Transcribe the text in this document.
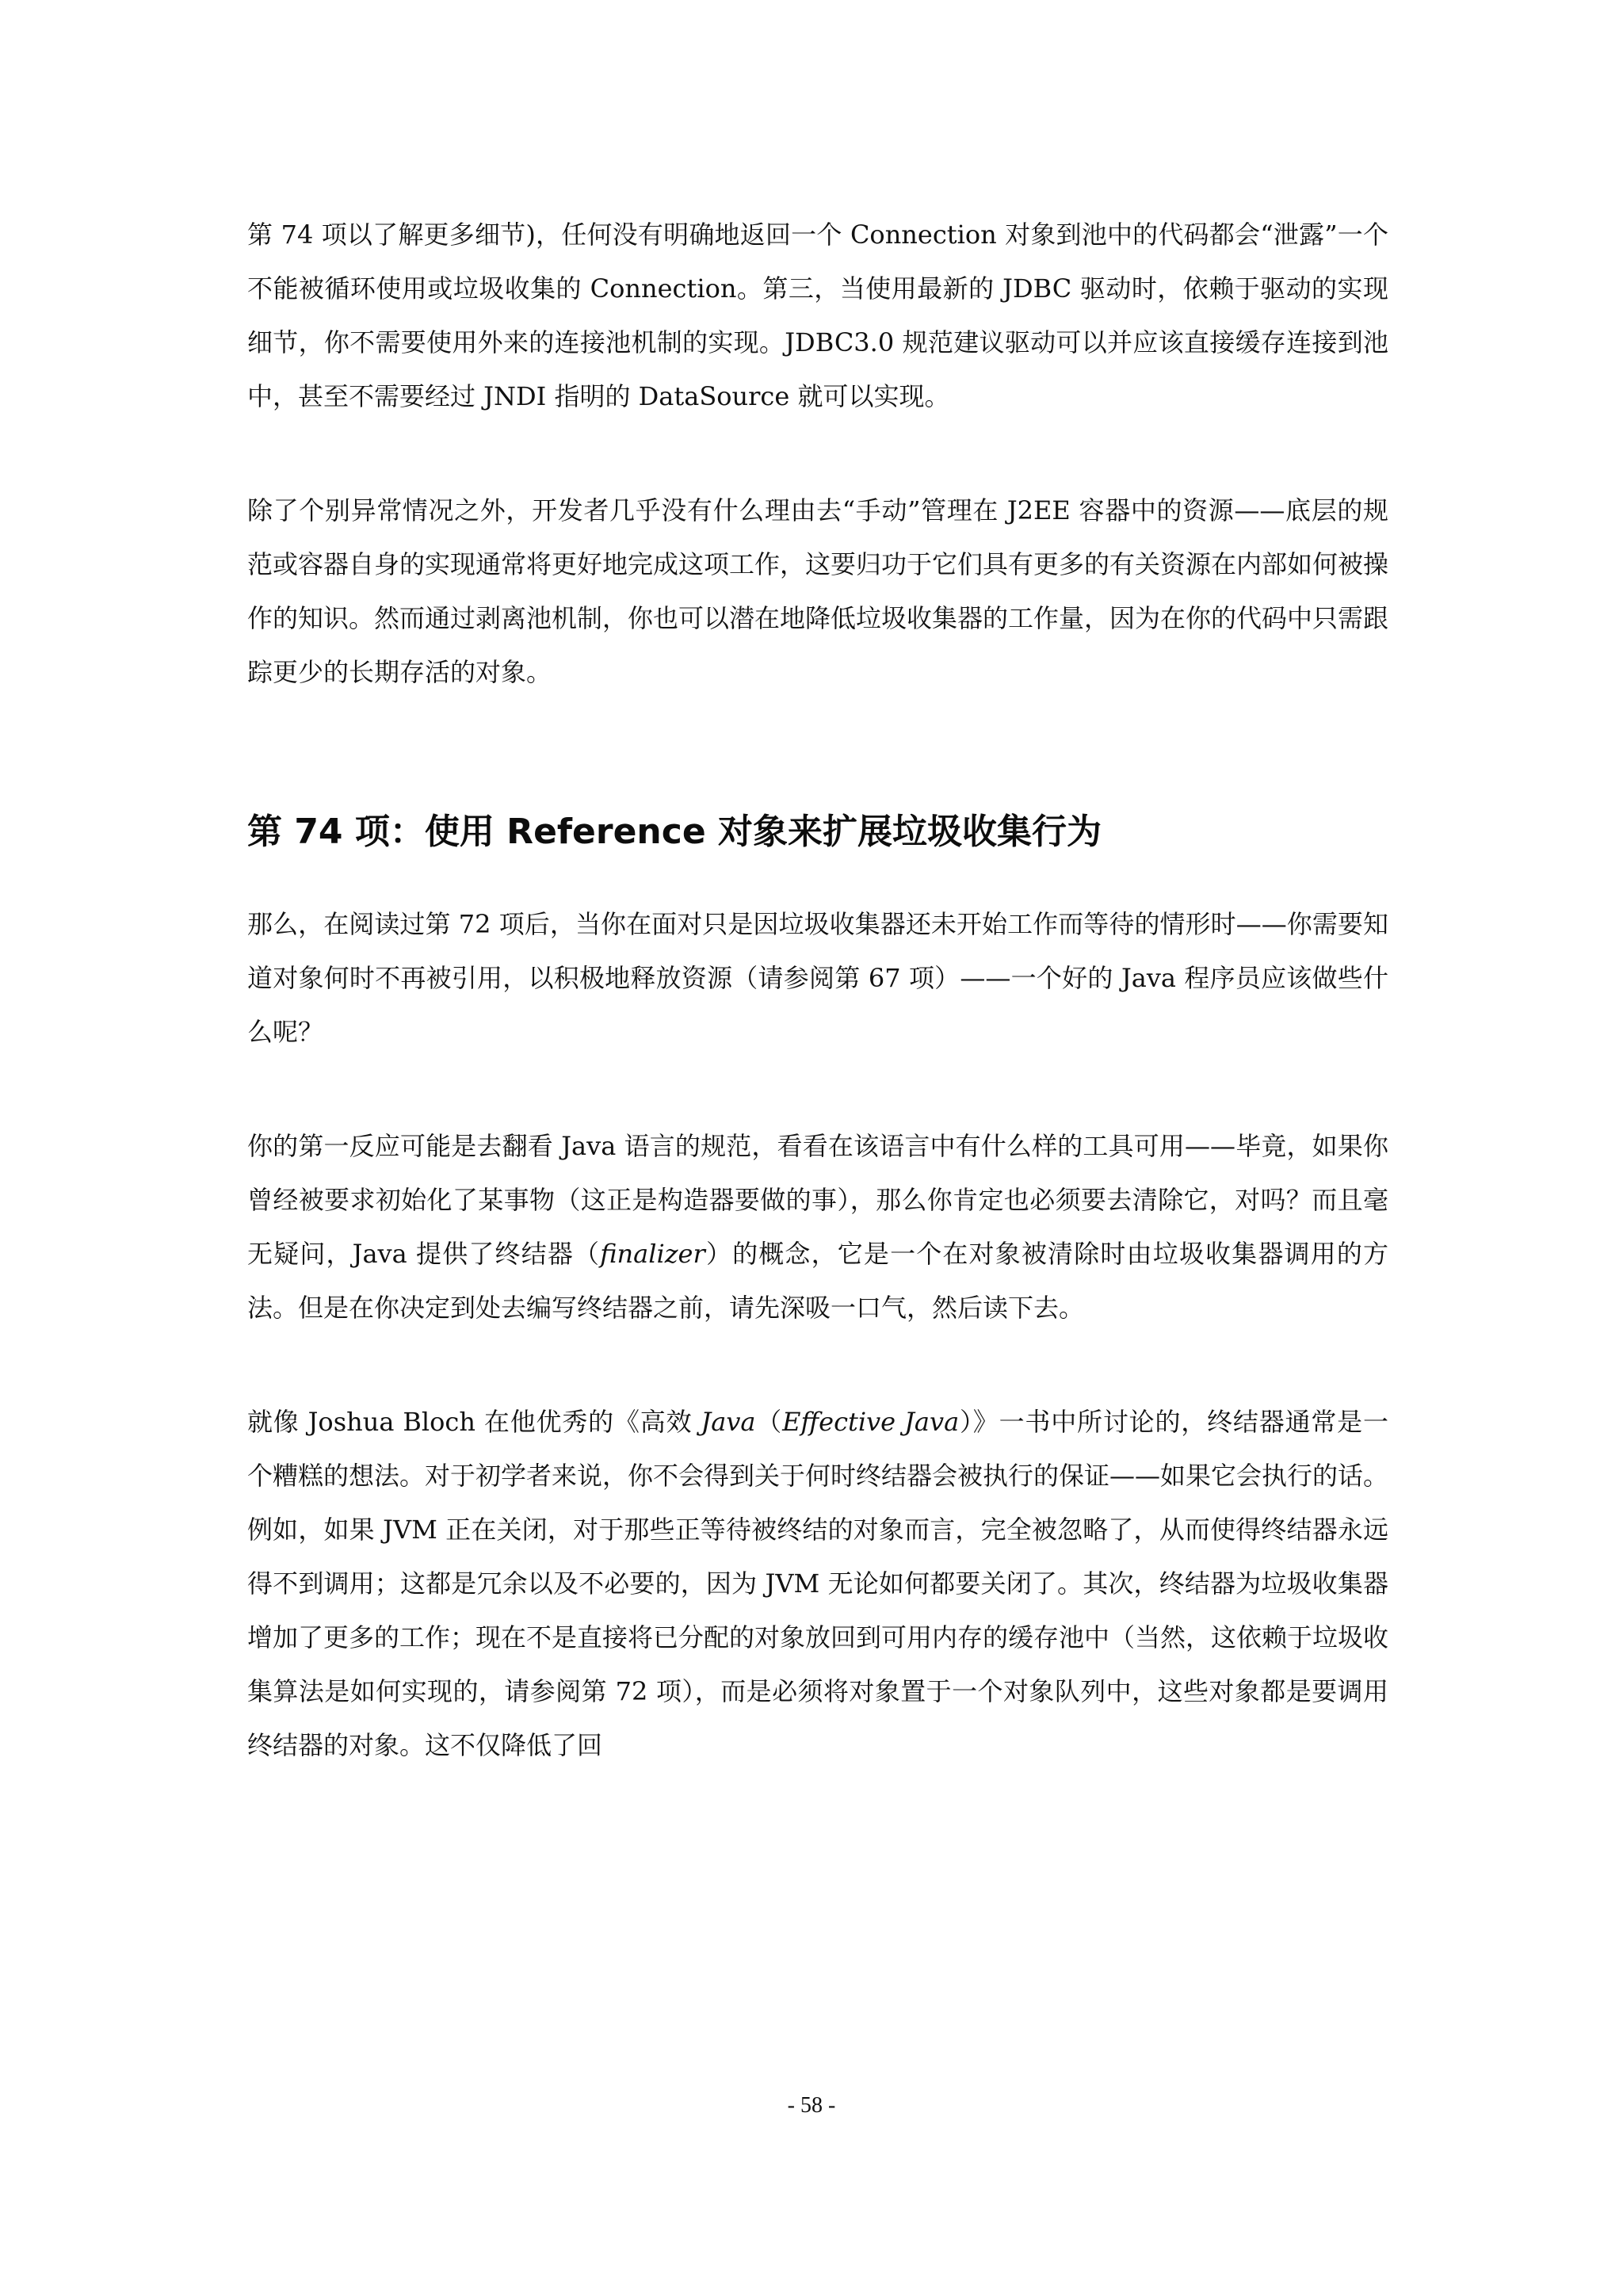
第 74 项以了解更多细节)，任何没有明确地返回一个 Connection 对象到池中的代码都会“泄露”一个不能被循环使用或垃圾收集的 Connection。第三，当使用最新的 JDBC 驱动时，依赖于驱动的实现细节，你不需要使用外来的连接池机制的实现。JDBC3.0 规范建议驱动可以并应该直接缓存连接到池中，甚至不需要经过 JNDI 指明的 DataSource 就可以实现。

除了个别异常情况之外，开发者几乎没有什么理由去“手动”管理在 J2EE 容器中的资源——底层的规范或容器自身的实现通常将更好地完成这项工作，这要归功于它们具有更多的有关资源在内部如何被操作的知识。然而通过剥离池机制，你也可以潜在地降低垃圾收集器的工作量，因为在你的代码中只需跟踪更少的长期存活的对象。

第 74 项：使用 Reference 对象来扩展垃圾收集行为

那么，在阅读过第 72 项后，当你在面对只是因垃圾收集器还未开始工作而等待的情形时——你需要知道对象何时不再被引用，以积极地释放资源（请参阅第 67 项）——一个好的 Java 程序员应该做些什么呢？

你的第一反应可能是去翻看 Java 语言的规范，看看在该语言中有什么样的工具可用——毕竟，如果你曾经被要求初始化了某事物（这正是构造器要做的事），那么你肯定也必须要去清除它，对吗？而且毫无疑问，Java 提供了终结器（finalizer）的概念，它是一个在对象被清除时由垃圾收集器调用的方法。但是在你决定到处去编写终结器之前，请先深吸一口气，然后读下去。

就像 Joshua Bloch 在他优秀的《高效 Java（Effective Java）》一书中所讨论的，终结器通常是一个糟糕的想法。对于初学者来说，你不会得到关于何时终结器会被执行的保证——如果它会执行的话。例如，如果 JVM 正在关闭，对于那些正等待被终结的对象而言，完全被忽略了，从而使得终结器永远得不到调用；这都是冗余以及不必要的，因为 JVM 无论如何都要关闭了。其次，终结器为垃圾收集器增加了更多的工作；现在不是直接将已分配的对象放回到可用内存的缓存池中（当然，这依赖于垃圾收集算法是如何实现的，请参阅第 72 项），而是必须将对象置于一个对象队列中，这些对象都是要调用终结器的对象。这不仅降低了回

- 58 -
